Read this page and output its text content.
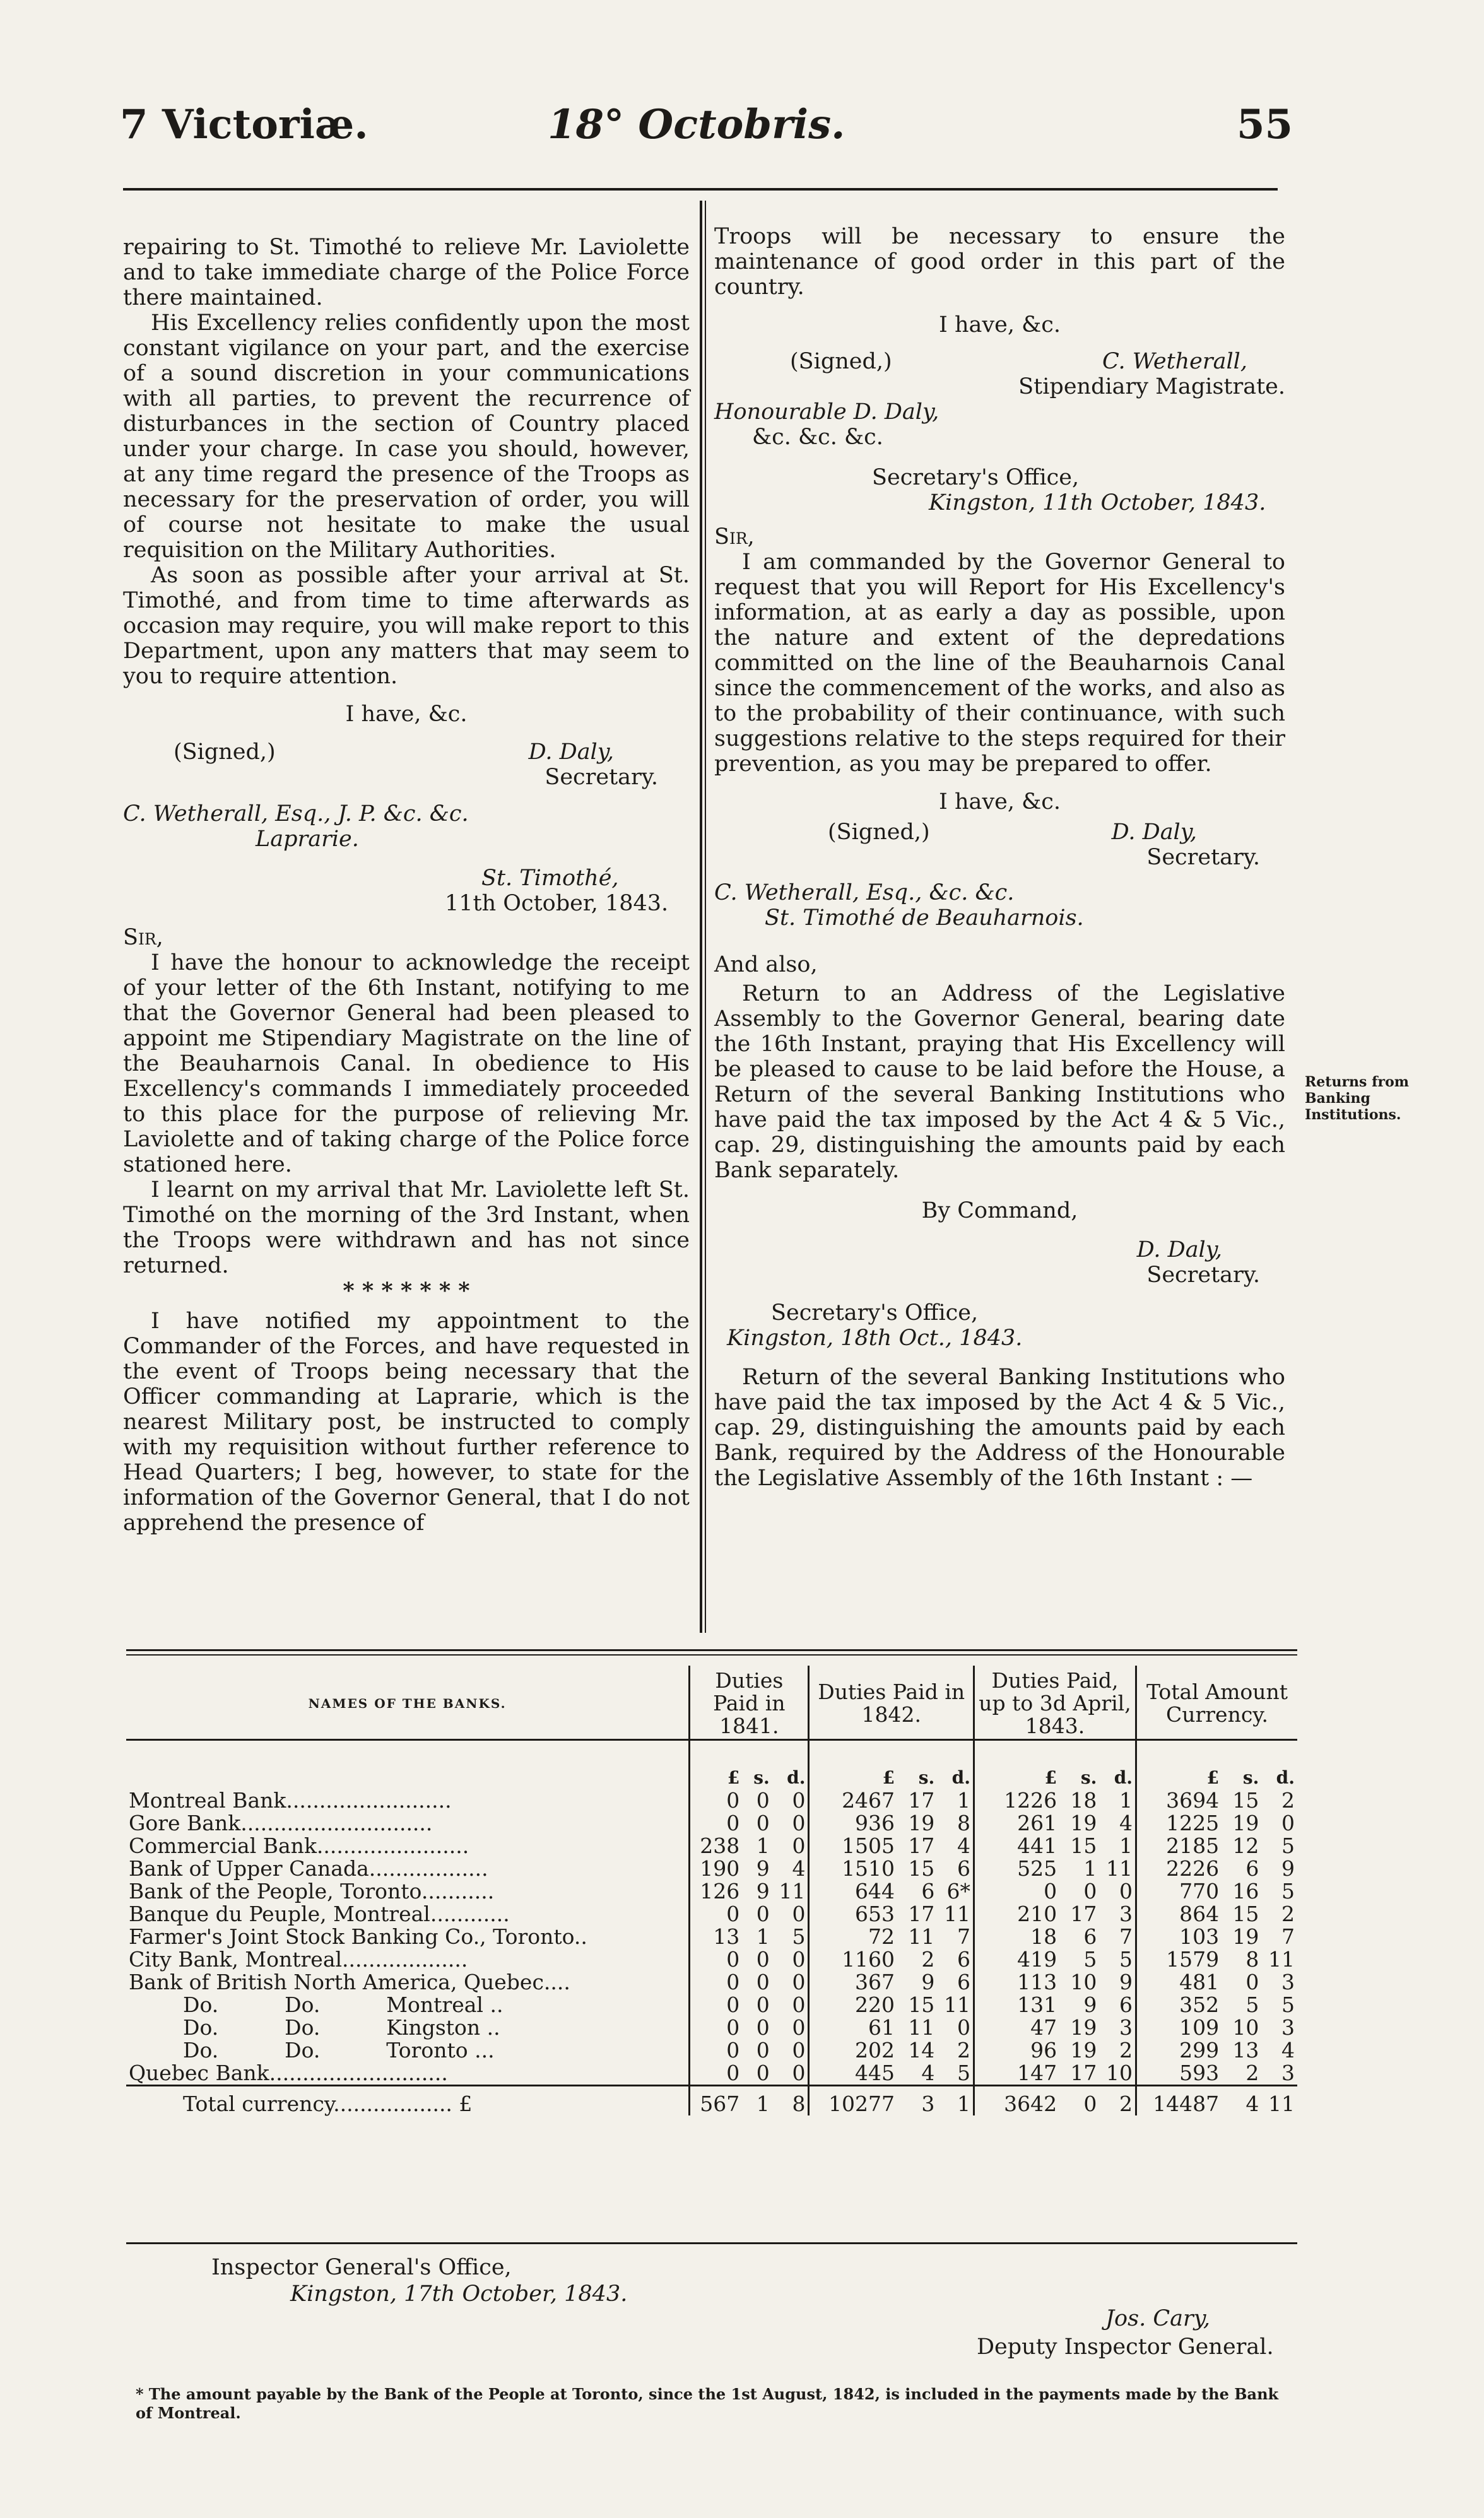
7 Victoriæ.	18° Octobris.	55

repairing to St. Timothé to relieve Mr. Laviolette and to take immediate charge of the Police Force there maintained.

His Excellency relies confidently upon the most constant vigilance on your part, and the exercise of a sound discretion in your communications with all parties, to prevent the recurrence of disturbances in the section of Country placed under your charge. In case you should, however, at any time regard the presence of the Troops as necessary for the preservation of order, you will of course not hesitate to make the usual requisition on the Military Authorities.

As soon as possible after your arrival at St. Timothé, and from time to time afterwards as occasion may require, you will make report to this Department, upon any matters that may seem to you to require attention.

I have, &c.

(Signed,)	D. Daly,

Secretary.

C. Wetherall, Esq., J. P. &c. &c.

Laprarie.

St. Timothé,

11th October, 1843.

Sir,

I have the honour to acknowledge the receipt of your letter of the 6th Instant, notifying to me that the Governor General had been pleased to appoint me Stipendiary Magistrate on the line of the Beauharnois Canal. In obedience to His Excellency's commands I immediately proceeded to this place for the purpose of relieving Mr. Laviolette and of taking charge of the Police force stationed here.

I learnt on my arrival that Mr. Laviolette left St. Timothé on the morning of the 3rd Instant, when the Troops were withdrawn and has not since returned.

* * * * * * *

I have notified my appointment to the Commander of the Forces, and have requested in the event of Troops being necessary that the Officer commanding at Laprarie, which is the nearest Military post, be instructed to comply with my requisition without further reference to Head Quarters; I beg, however, to state for the information of the Governor General, that I do not apprehend the presence of

Troops will be necessary to ensure the maintenance of good order in this part of the country.

I have, &c.

(Signed,)	C. Wetherall,

Stipendiary Magistrate.

Honourable D. Daly,

&c. &c. &c.

Secretary's Office,

Kingston, 11th October, 1843.

Sir,

I am commanded by the Governor General to request that you will Report for His Excellency's information, at as early a day as possible, upon the nature and extent of the depredations committed on the line of the Beauharnois Canal since the commencement of the works, and also as to the probability of their continuance, with such suggestions relative to the steps required for their prevention, as you may be prepared to offer.

I have, &c.

(Signed,)	D. Daly,

Secretary.

C. Wetherall, Esq., &c. &c.

St. Timothé de Beauharnois.

And also,

Return to an Address of the Legislative Assembly to the Governor General, bearing date the 16th Instant, praying that His Excellency will be pleased to cause to be laid before the House, a Return of the several Banking Institutions who have paid the tax imposed by the Act 4 & 5 Vic., cap. 29, distinguishing the amounts paid by each Bank separately.

By Command,

D. Daly,

Secretary.

Secretary's Office,

Kingston, 18th Oct., 1843.

Return of the several Banking Institutions who have paid the tax imposed by the Act 4 & 5 Vic., cap. 29, distinguishing the amounts paid by each Bank, required by the Address of the Honourable the Legislative Assembly of the 16th Instant : —

Returns from Banking Institutions.
NAMES OF THE BANKS.	Duties Paid in 1841.			Duties Paid in 1842.			Duties Paid, up to 3d April, 1843.			Total Amount Currency.		
	£	s.	d.	£	s.	d.	£	s.	d.	£	s.	d.
Montreal Bank.........................	0	0	0	2467	17	1	1226	18	1	3694	15	2
Gore Bank.............................	0	0	0	936	19	8	261	19	4	1225	19	0
Commercial Bank.......................	238	1	0	1505	17	4	441	15	1	2185	12	5
Bank of Upper Canada..................	190	9	4	1510	15	6	525	1	11	2226	6	9
Bank of the People, Toronto...........	126	9	11	644	6	6*	0	0	0	770	16	5
Banque du Peuple, Montreal............	0	0	0	653	17	11	210	17	3	864	15	2
Farmer's Joint Stock Banking Co., Toronto..	13	1	5	72	11	7	18	6	7	103	19	7
City Bank, Montreal...................	0	0	0	1160	2	6	419	5	5	1579	8	11
Bank of British North America, Quebec....	0	0	0	367	9	6	113	10	9	481	0	3
Do.          Do.          Montreal ..	0	0	0	220	15	11	131	9	6	352	5	5
Do.          Do.          Kingston ..	0	0	0	61	11	0	47	19	3	109	10	3
Do.          Do.          Toronto ...	0	0	0	202	14	2	96	19	2	299	13	4
Quebec Bank...........................	0	0	0	445	4	5	147	17	10	593	2	3
Total currency.................. £	567	1	8	10277	3	1	3642	0	2	14487	4	11
Inspector General's Office,
Kingston, 17th October, 1843.
Jos. Cary,
Deputy Inspector General.
* The amount payable by the Bank of the People at Toronto, since the 1st August, 1842, is included in the payments made by the Bank of Montreal.
